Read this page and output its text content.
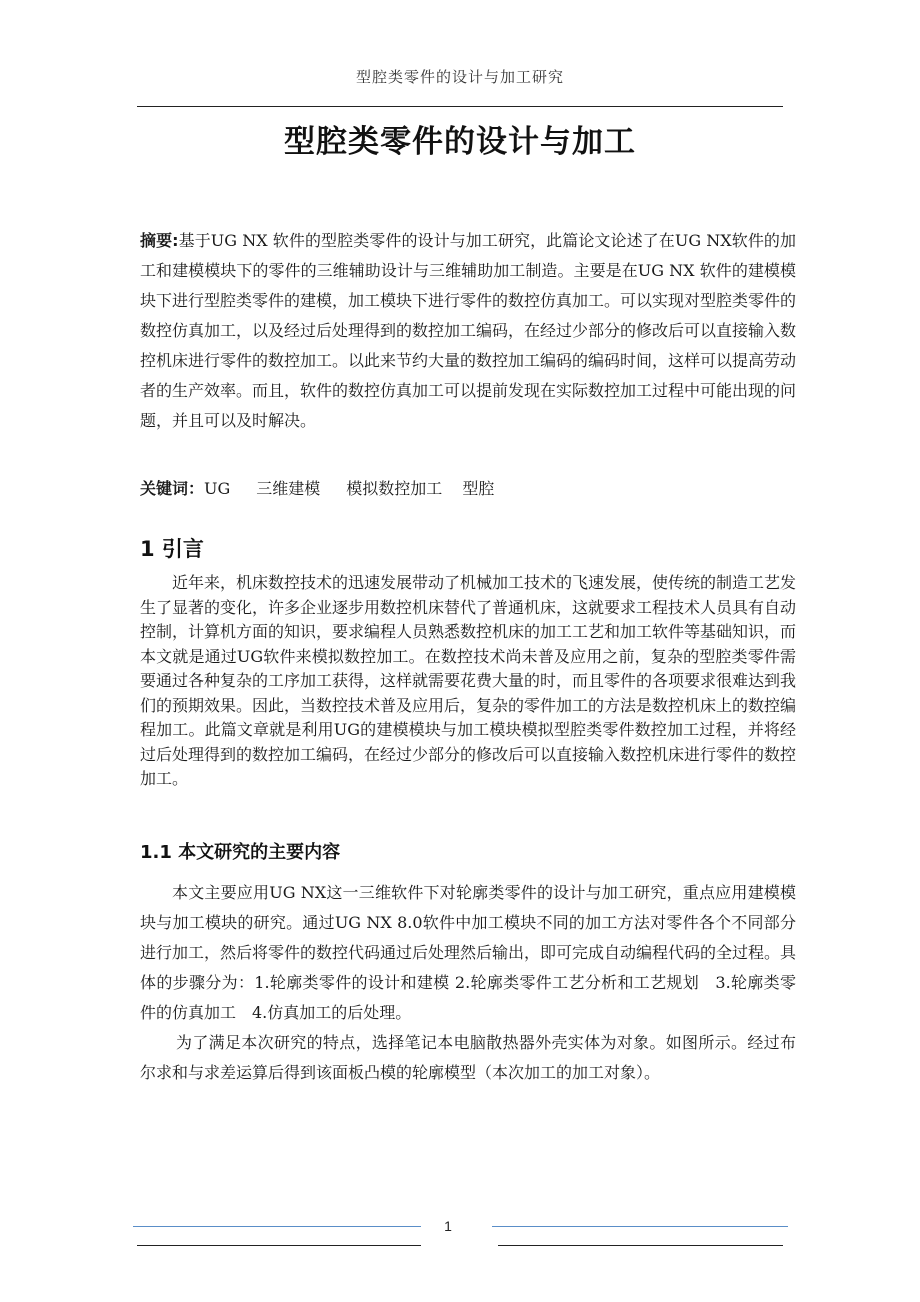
型腔类零件的设计与加工研究
型腔类零件的设计与加工
摘要:基于UG NX 软件的型腔类零件的设计与加工研究，此篇论文论述了在UG NX软件的加工和建模模块下的零件的三维辅助设计与三维辅助加工制造。主要是在UG NX 软件的建模模块下进行型腔类零件的建模，加工模块下进行零件的数控仿真加工。可以实现对型腔类零件的数控仿真加工，以及经过后处理得到的数控加工编码，在经过少部分的修改后可以直接输入数控机床进行零件的数控加工。以此来节约大量的数控加工编码的编码时间，这样可以提高劳动者的生产效率。而且，软件的数控仿真加工可以提前发现在实际数控加工过程中可能出现的问题，并且可以及时解决。
关键词：UG 三维建模 模拟数控加工 型腔
1 引言
近年来，机床数控技术的迅速发展带动了机械加工技术的飞速发展，使传统的制造工艺发生了显著的变化，许多企业逐步用数控机床替代了普通机床，这就要求工程技术人员具有自动控制，计算机方面的知识，要求编程人员熟悉数控机床的加工工艺和加工软件等基础知识，而本文就是通过UG软件来模拟数控加工。在数控技术尚未普及应用之前，复杂的型腔类零件需要通过各种复杂的工序加工获得，这样就需要花费大量的时，而且零件的各项要求很难达到我们的预期效果。因此，当数控技术普及应用后，复杂的零件加工的方法是数控机床上的数控编程加工。此篇文章就是利用UG的建模模块与加工模块模拟型腔类零件数控加工过程，并将经过后处理得到的数控加工编码，在经过少部分的修改后可以直接输入数控机床进行零件的数控加工。
1.1 本文研究的主要内容

本文主要应用UG NX这一三维软件下对轮廓类零件的设计与加工研究，重点应用建模模块与加工模块的研究。通过UG NX 8.0软件中加工模块不同的加工方法对零件各个不同部分进行加工，然后将零件的数控代码通过后处理然后输出，即可完成自动编程代码的全过程。具体的步骤分为：1.轮廓类零件的设计和建模 2.轮廓类零件工艺分析和工艺规划　3.轮廓类零件的仿真加工　4.仿真加工的后处理。

为了满足本次研究的特点，选择笔记本电脑散热器外壳实体为对象。如图所示。经过布尔求和与求差运算后得到该面板凸模的轮廓模型（本次加工的加工对象）。

1
